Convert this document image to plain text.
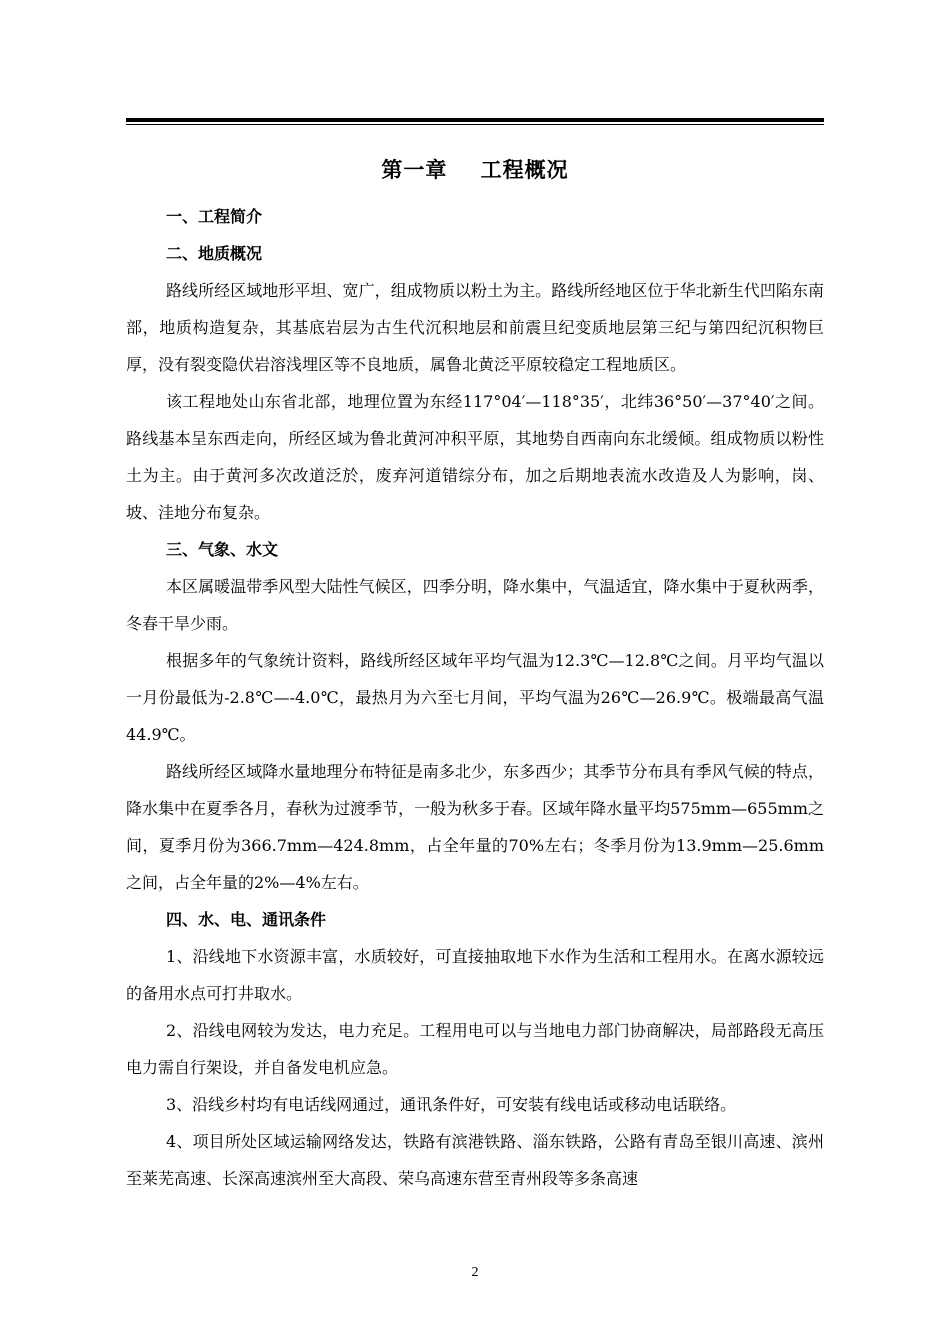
第一章    工程概况

一、工程简介

二、地质概况

路线所经区域地形平坦、宽广，组成物质以粉土为主。路线所经地区位于华北新生代凹陷东南部，地质构造复杂，其基底岩层为古生代沉积地层和前震旦纪变质地层第三纪与第四纪沉积物巨厚，没有裂变隐伏岩溶浅埋区等不良地质，属鲁北黄泛平原较稳定工程地质区。

该工程地处山东省北部，地理位置为东经117°04′—118°35′，北纬36°50′—37°40′之间。路线基本呈东西走向，所经区域为鲁北黄河冲积平原，其地势自西南向东北缓倾。组成物质以粉性土为主。由于黄河多次改道泛於，废弃河道错综分布，加之后期地表流水改造及人为影响，岗、坡、洼地分布复杂。

三、气象、水文

本区属暖温带季风型大陆性气候区，四季分明，降水集中，气温适宜，降水集中于夏秋两季，冬春干旱少雨。

根据多年的气象统计资料，路线所经区域年平均气温为12.3℃—12.8℃之间。月平均气温以一月份最低为-2.8℃—-4.0℃，最热月为六至七月间，平均气温为26℃—26.9℃。极端最高气温44.9℃。

路线所经区域降水量地理分布特征是南多北少，东多西少；其季节分布具有季风气候的特点，降水集中在夏季各月，春秋为过渡季节，一般为秋多于春。区域年降水量平均575mm—655mm之间，夏季月份为366.7mm—424.8mm，占全年量的70%左右；冬季月份为13.9mm—25.6mm之间，占全年量的2%—4%左右。

四、水、电、通讯条件

1、沿线地下水资源丰富，水质较好，可直接抽取地下水作为生活和工程用水。在离水源较远的备用水点可打井取水。

2、沿线电网较为发达，电力充足。工程用电可以与当地电力部门协商解决，局部路段无高压电力需自行架设，并自备发电机应急。

3、沿线乡村均有电话线网通过，通讯条件好，可安装有线电话或移动电话联络。

4、项目所处区域运输网络发达，铁路有滨港铁路、淄东铁路，公路有青岛至银川高速、滨州至莱芜高速、长深高速滨州至大高段、荣乌高速东营至青州段等多条高速

2
